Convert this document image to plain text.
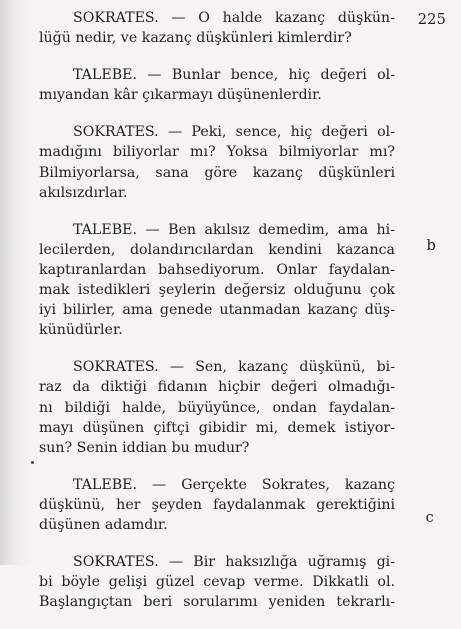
225
b
c

SOKRATES. — O halde kazanç düşkün-
lüğü nedir, ve kazanç düşkünleri kimlerdir?

TALEBE. — Bunlar bence, hiç değeri ol-
mıyandan kâr çıkarmayı düşünenlerdir.

SOKRATES. — Peki, sence, hiç değeri ol-
madığını biliyorlar mı? Yoksa bilmiyorlar mı?
Bilmiyorlarsa, sana göre kazanç düşkünleri
akılsızdırlar.

TALEBE. — Ben akılsız demedim, ama hi-
lecilerden, dolandırıcılardan kendini kazanca
kaptıranlardan bahsediyorum. Onlar faydalan-
mak istedikleri şeylerin değersiz olduğunu çok
iyi bilirler, ama genede utanmadan kazanç düş-
künüdürler.

SOKRATES. — Sen, kazanç düşkünü, bi-
raz da diktiği fidanın hiçbir değeri olmadığı-
nı bildiği halde, büyüyünce, ondan faydalan-
mayı düşünen çiftçi gibidir mi, demek istiyor-
sun? Senin iddian bu mudur?

TALEBE. — Gerçekte Sokrates, kazanç
düşkünü, her şeyden faydalanmak gerektiğini
düşünen adamdır.

SOKRATES. — Bir haksızlığa uğramış gi-
bi böyle gelişi güzel cevap verme. Dikkatli ol.
Başlangıçtan beri sorularımı yeniden tekrarlı-
